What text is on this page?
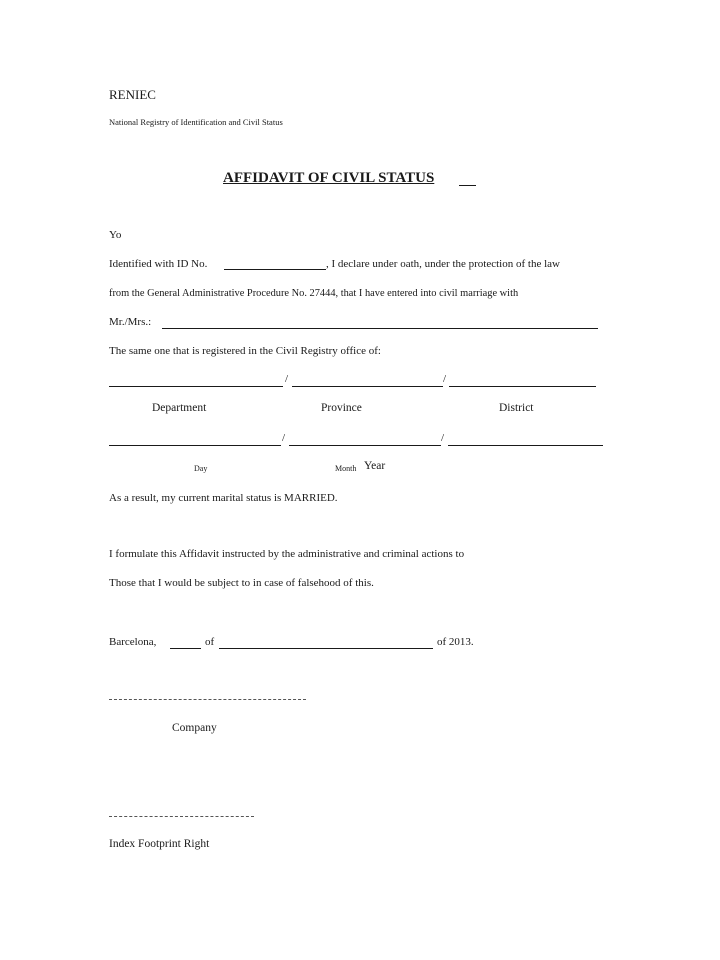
RENIEC
National Registry of Identification and Civil Status
AFFIDAVIT OF CIVIL STATUS
Yo
Identified with ID No.	, I declare under oath, under the protection of the law
from the General Administrative Procedure No. 27444, that I have entered into civil marriage with
Mr./Mrs.:
The same one that is registered in the Civil Registry office of:
/	/
Department	Province	District
/	/
Day	Month Year
As a result, my current marital status is MARRIED.
I formulate this Affidavit instructed by the administrative and criminal actions to
Those that I would be subject to in case of falsehood of this.
Barcelona,	of	of 2013.
Company
Index Footprint Right
